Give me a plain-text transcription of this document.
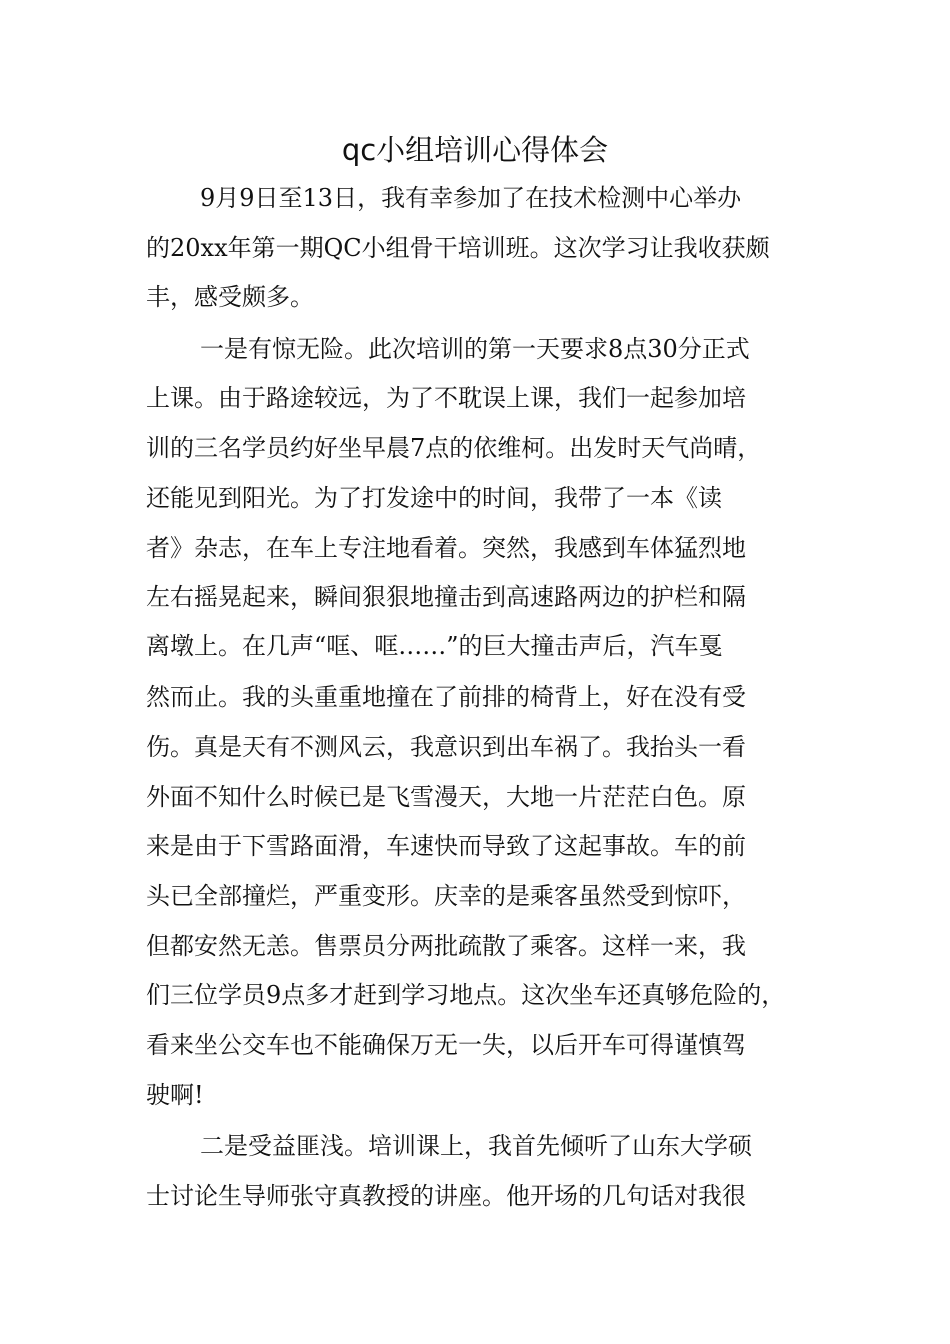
qc小组培训心得体会

9月9日至13日，我有幸参加了在技术检测中心举办

的20xx年第一期QC小组骨干培训班。这次学习让我收获颇

丰，感受颇多。

一是有惊无险。此次培训的第一天要求8点30分正式

上课。由于路途较远，为了不耽误上课，我们一起参加培

训的三名学员约好坐早晨7点的依维柯。出发时天气尚晴，

还能见到阳光。为了打发途中的时间，我带了一本《读

者》杂志，在车上专注地看着。突然，我感到车体猛烈地

左右摇晃起来，瞬间狠狠地撞击到高速路两边的护栏和隔

离墩上。在几声“哐、哐……”的巨大撞击声后，汽车戛

然而止。我的头重重地撞在了前排的椅背上，好在没有受

伤。真是天有不测风云，我意识到出车祸了。我抬头一看

外面不知什么时候已是飞雪漫天，大地一片茫茫白色。原

来是由于下雪路面滑，车速快而导致了这起事故。车的前

头已全部撞烂，严重变形。庆幸的是乘客虽然受到惊吓，

但都安然无恙。售票员分两批疏散了乘客。这样一来，我

们三位学员9点多才赶到学习地点。这次坐车还真够危险的，

看来坐公交车也不能确保万无一失，以后开车可得谨慎驾

驶啊!

二是受益匪浅。培训课上，我首先倾听了山东大学硕

士讨论生导师张守真教授的讲座。他开场的几句话对我很
